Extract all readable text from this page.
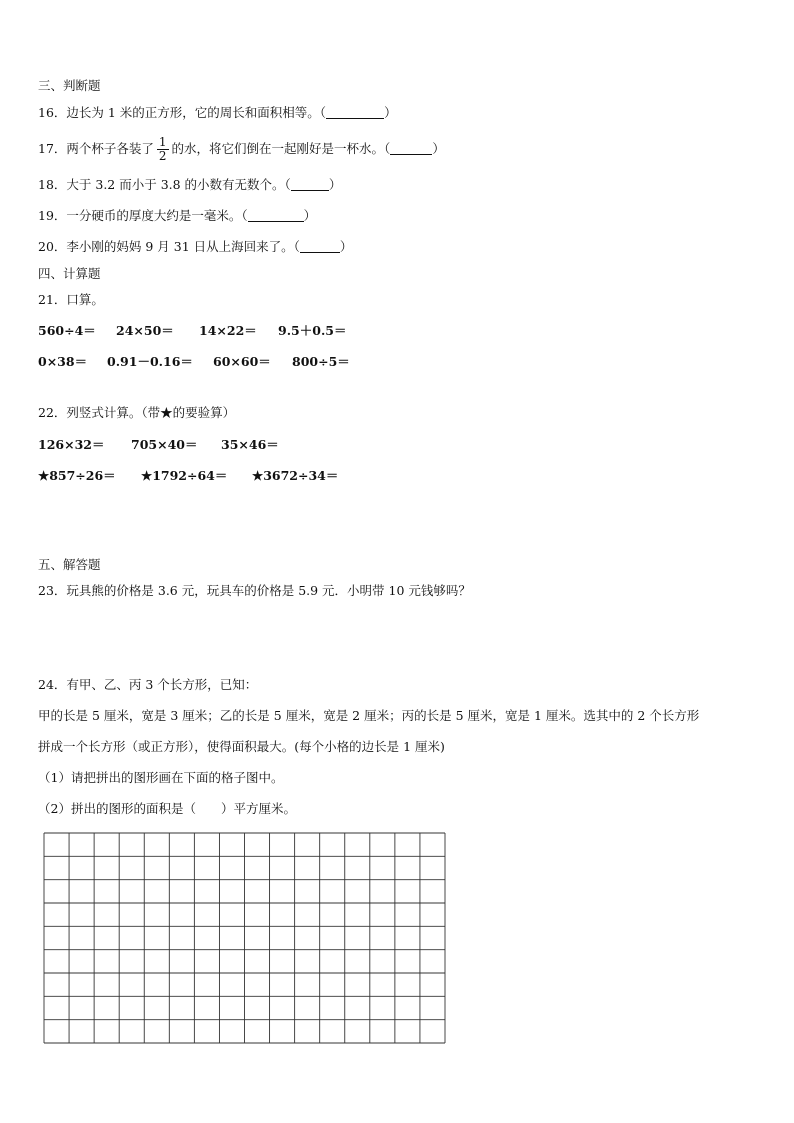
三、判断题
16．边长为 1 米的正方形，它的周长和面积相等。（	）
17．两个杯子各装了 $\frac{1}{2}$ 的水，将它们倒在一起刚好是一杯水。（	）
18．大于 3.2 而小于 3.8 的小数有无数个。（	）
19．一分硬币的厚度大约是一毫米。（	）
20．李小刚的妈妈 9 月 31 日从上海回来了。（	）
四、计算题
21．口算。
560÷4＝ 24×50＝ 14×22＝ 9.5＋0.5＝
0×38＝ 0.91－0.16＝ 60×60＝ 800÷5＝
22．列竖式计算。（带★的要验算）
126×32＝ 705×40＝ 35×46＝
★857÷26＝ ★1792÷64＝ ★3672÷34＝
五、解答题
23．玩具熊的价格是 3.6 元，玩具车的价格是 5.9 元．小明带 10 元钱够吗？
24．有甲、乙、丙 3 个长方形，已知：
甲的长是 5 厘米，宽是 3 厘米；乙的长是 5 厘米，宽是 2 厘米；丙的长是 5 厘米，宽是 1 厘米。选其中的 2 个长方形
拼成一个长方形（或正方形），使得面积最大。(每个小格的边长是 1 厘米)
（1）请把拼出的图形画在下面的格子图中。
（2）拼出的图形的面积是（　　）平方厘米。
